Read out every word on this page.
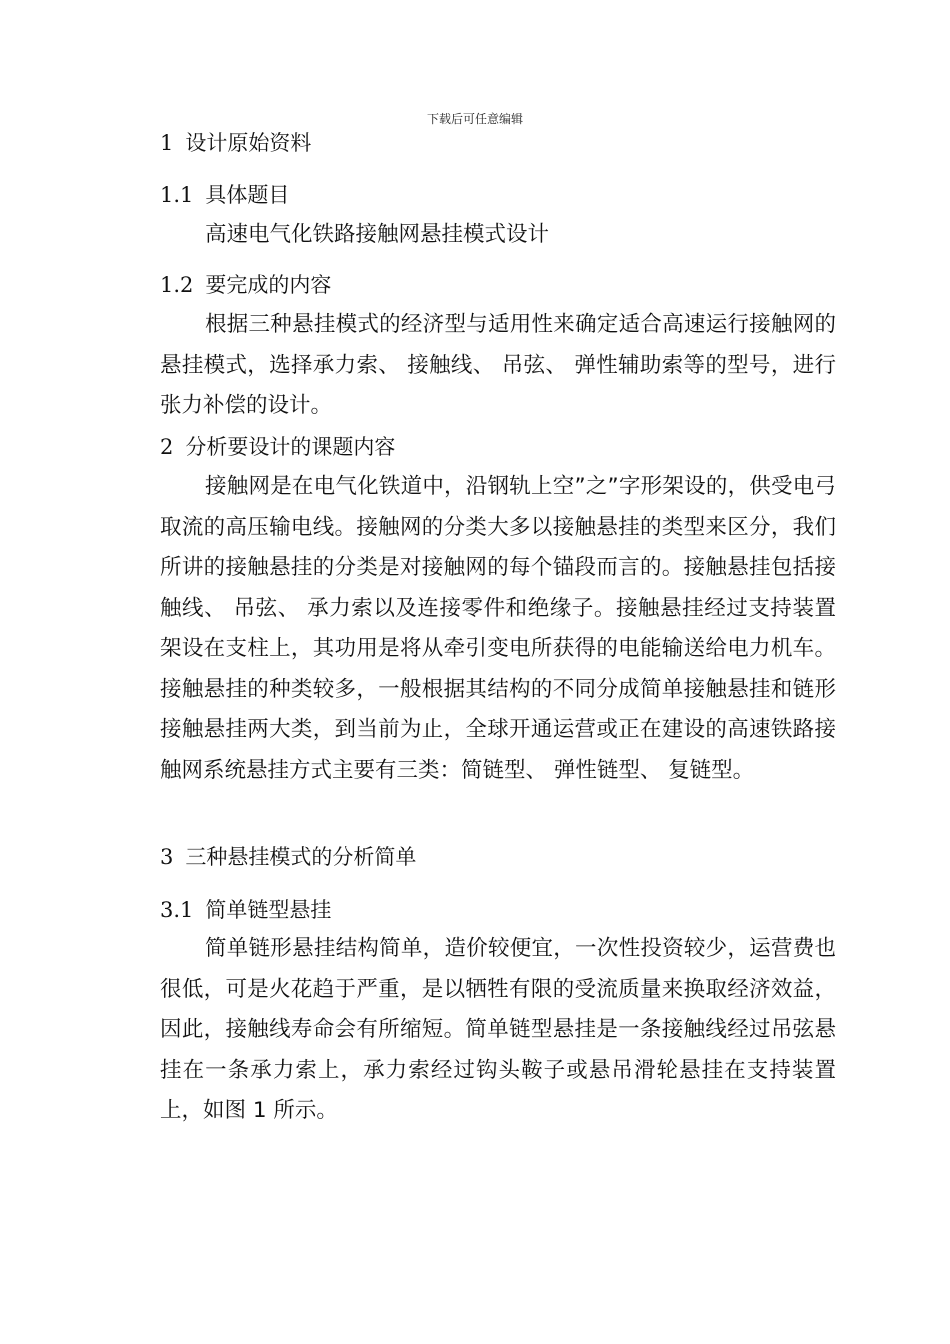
下载后可任意编辑
1 设计原始资料
1.1 具体题目
高速电气化铁路接触网悬挂模式设计
1.2 要完成的内容
根据三种悬挂模式的经济型与适用性来确定适合高速运行接触网的悬挂模式，选择承力索、 接触线、 吊弦、 弹性辅助索等的型号，进行张力补偿的设计。
2 分析要设计的课题内容
接触网是在电气化铁道中，沿钢轨上空”之”字形架设的，供受电弓取流的高压输电线。接触网的分类大多以接触悬挂的类型来区分，我们所讲的接触悬挂的分类是对接触网的每个锚段而言的。接触悬挂包括接触线、 吊弦、 承力索以及连接零件和绝缘子。接触悬挂经过支持装置架设在支柱上，其功用是将从牵引变电所获得的电能输送给电力机车。接触悬挂的种类较多，一般根据其结构的不同分成简单接触悬挂和链形接触悬挂两大类，到当前为止，全球开通运营或正在建设的高速铁路接触网系统悬挂方式主要有三类：简链型、 弹性链型、 复链型。
3 三种悬挂模式的分析简单
3.1 简单链型悬挂
简单链形悬挂结构简单，造价较便宜，一次性投资较少，运营费也很低，可是火花趋于严重，是以牺牲有限的受流质量来换取经济效益，因此，接触线寿命会有所缩短。简单链型悬挂是一条接触线经过吊弦悬挂在一条承力索上，承力索经过钩头鞍子或悬吊滑轮悬挂在支持装置上，如图 1 所示。
